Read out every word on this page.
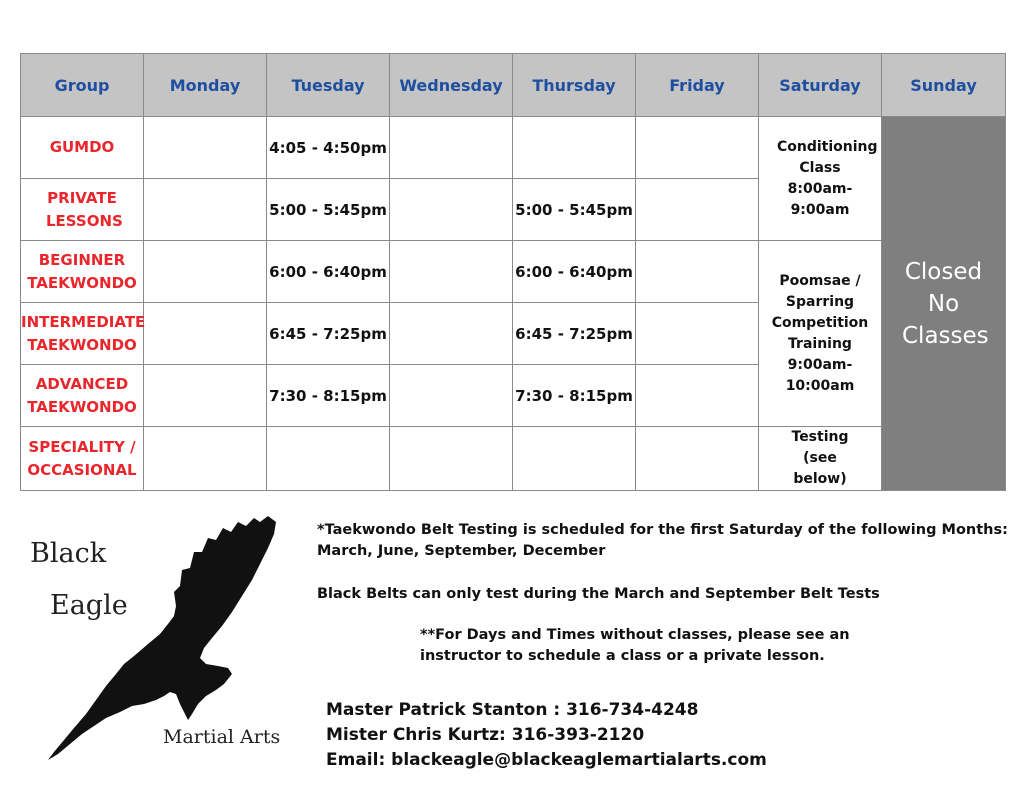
Group	Monday	Tuesday	Wednesday	Thursday	Friday	Saturday	Sunday
GUMDO		4:05 - 4:50pm				Conditioning Class 8:00am- 9:00am	Closed No Classes
PRIVATE LESSONS		5:00 - 5:45pm		5:00 - 5:45pm			
BEGINNER TAEKWONDO		6:00 - 6:40pm		6:00 - 6:40pm		Poomsae / Sparring Competition Training 9:00am- 10:00am	
INTERMEDIATE TAEKWONDO		6:45 - 7:25pm		6:45 - 7:25pm			
ADVANCED TAEKWONDO		7:30 - 8:15pm		7:30 - 8:15pm			
SPECIALITY / OCCASIONAL						Testing (see below)	
Black
Eagle
Martial Arts
*Taekwondo Belt Testing is scheduled for the first Saturday of the following Months:
March, June, September, December
Black Belts can only test during the March and September Belt Tests
**For Days and Times without classes, please see an
instructor to schedule a class or a private lesson.
Master Patrick Stanton : 316-734-4248
Mister Chris Kurtz: 316-393-2120
Email: blackeagle@blackeaglemartialarts.com
